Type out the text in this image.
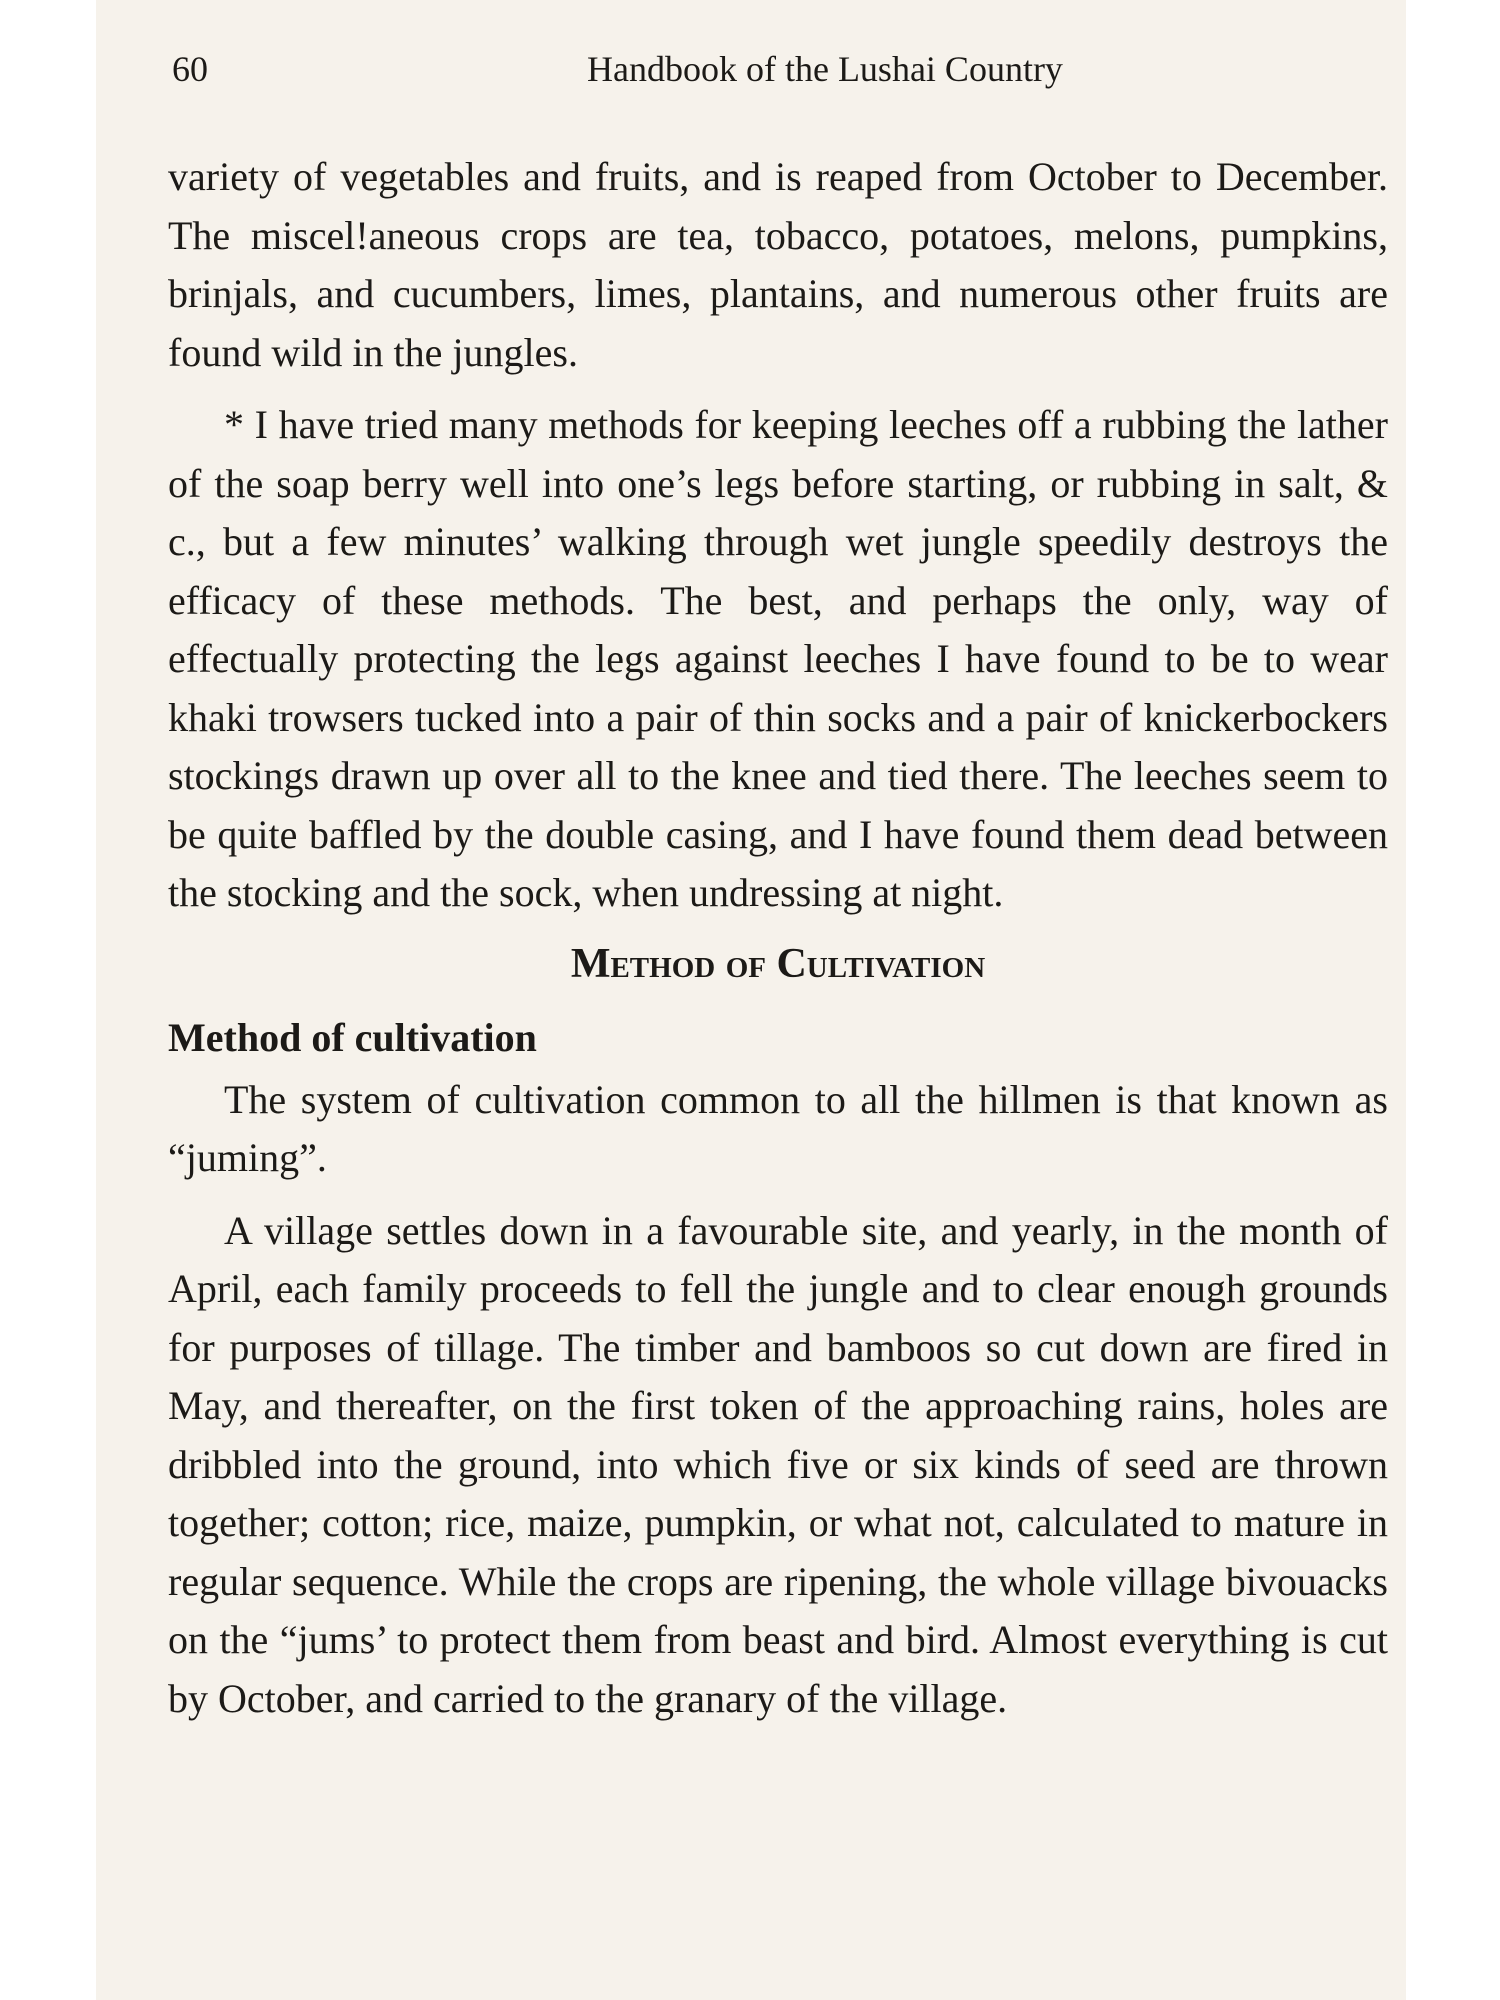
60	Handbook of the Lushai Country

variety of vegetables and fruits, and is reaped from October to December. The miscel!aneous crops are tea, tobacco, potatoes, melons, pumpkins, brinjals, and cucumbers, limes, plantains, and numerous other fruits are found wild in the jungles.

* I have tried many methods for keeping leeches off a rubbing the lather of the soap berry well into one’s legs before starting, or rubbing in salt, & c., but a few minutes’ walking through wet jungle speedily destroys the efficacy of these methods. The best, and perhaps the only, way of effectually protecting the legs against leeches I have found to be to wear khaki trowsers tucked into a pair of thin socks and a pair of knickerbockers stockings drawn up over all to the knee and tied there. The leeches seem to be quite baffled by the double casing, and I have found them dead between the stocking and the sock, when undressing at night.

Method of Cultivation
Method of cultivation

The system of cultivation common to all the hillmen is that known as “juming”.

A village settles down in a favourable site, and yearly, in the month of April, each family proceeds to fell the jungle and to clear enough grounds for purposes of tillage. The timber and bamboos so cut down are fired in May, and thereafter, on the first token of the approaching rains, holes are dribbled into the ground, into which five or six kinds of seed are thrown together; cotton; rice, maize, pumpkin, or what not, calculated to mature in regular sequence. While the crops are ripening, the whole village bivouacks on the “jums’ to protect them from beast and bird. Almost everything is cut by October, and carried to the granary of the village.
